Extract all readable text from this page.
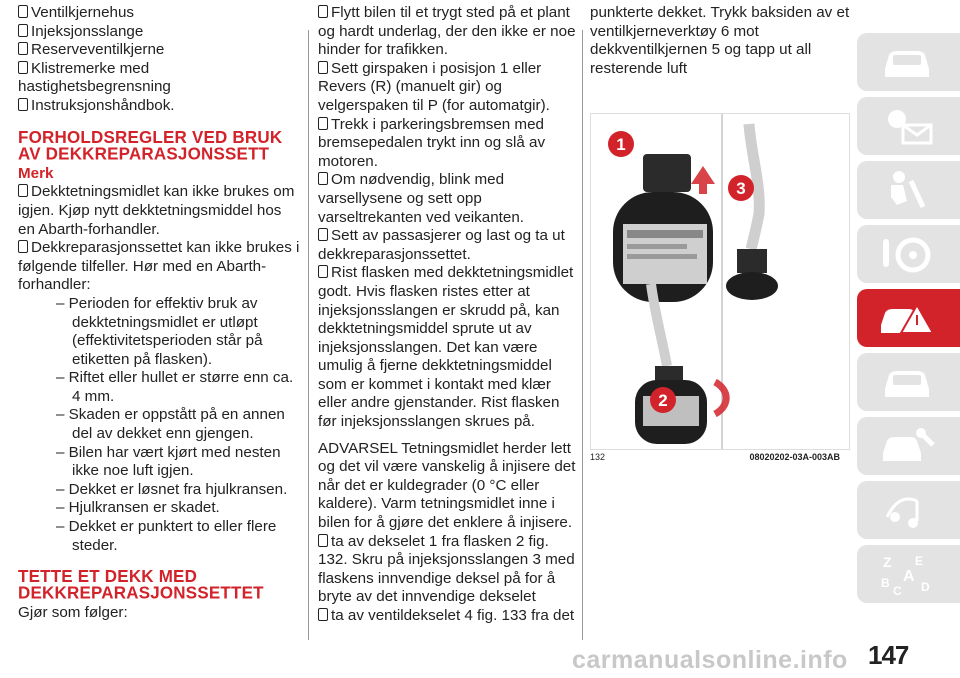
Ventilkjernehus

Injeksjonsslange

Reserveventilkjerne

Klistremerke med hastighetsbegrensning

Instruksjonshåndbok.

FORHOLDSREGLER VED BRUK AV DEKKREPARASJONSSETT

Merk

Dekktetningsmidlet kan ikke brukes om igjen. Kjøp nytt dekktetningsmiddel hos en Abarth-forhandler.

Dekkreparasjonssettet kan ikke brukes i følgende tilfeller. Hør med en Abarth-forhandler:

– Perioden for effektiv bruk av dekktetningsmidlet er utløpt (effektivitetsperioden står på etiketten på flasken).

– Riftet eller hullet er større enn ca. 4 mm.

– Skaden er oppstått på en annen del av dekket enn gjengen.

– Bilen har vært kjørt med nesten ikke noe luft igjen.

– Dekket er løsnet fra hjulkransen.

– Hjulkransen er skadet.

– Dekket er punktert to eller flere steder.

TETTE ET DEKK MED DEKKREPARASJONSSETTET

Gjør som følger:

Flytt bilen til et trygt sted på et plant og hardt underlag, der den ikke er noe hinder for trafikken.

Sett girspaken i posisjon 1 eller Revers (R) (manuelt gir) og velgerspaken til P (for automatgir).

Trekk i parkeringsbremsen med bremsepedalen trykt inn og slå av motoren.

Om nødvendig, blink med varsellysene og sett opp varseltrekanten ved veikanten.

Sett av passasjerer og last og ta ut dekkreparasjonssettet.

Rist flasken med dekktetningsmidlet godt. Hvis flasken ristes etter at injeksjonsslangen er skrudd på, kan dekktetningsmiddel sprute ut av injeksjonsslangen. Det kan være umulig å fjerne dekktetningsmiddel som er kommet i kontakt med klær eller andre gjenstander. Rist flasken før injeksjonsslangen skrues på.

ADVARSEL Tetningsmidlet herder lett og det vil være vanskelig å injisere det når det er kuldegrader (0 °C eller kaldere). Varm tetningsmidlet inne i bilen for å gjøre det enklere å injisere.

ta av dekselet 1 fra flasken 2 fig. 132. Skru på injeksjonsslangen 3 med flaskens innvendige deksel på for å bryte av det innvendige dekselet

ta av ventildekselet 4 fig. 133 fra det

punkterte dekket. Trykk baksiden av et ventilkjerneverktøy 6 mot dekkventilkjernen 5 og tapp ut all resterende luft

1
2
3
132	08020202-03A-003AB
Z E
A
B
C D
carmanualsonline.info 147
